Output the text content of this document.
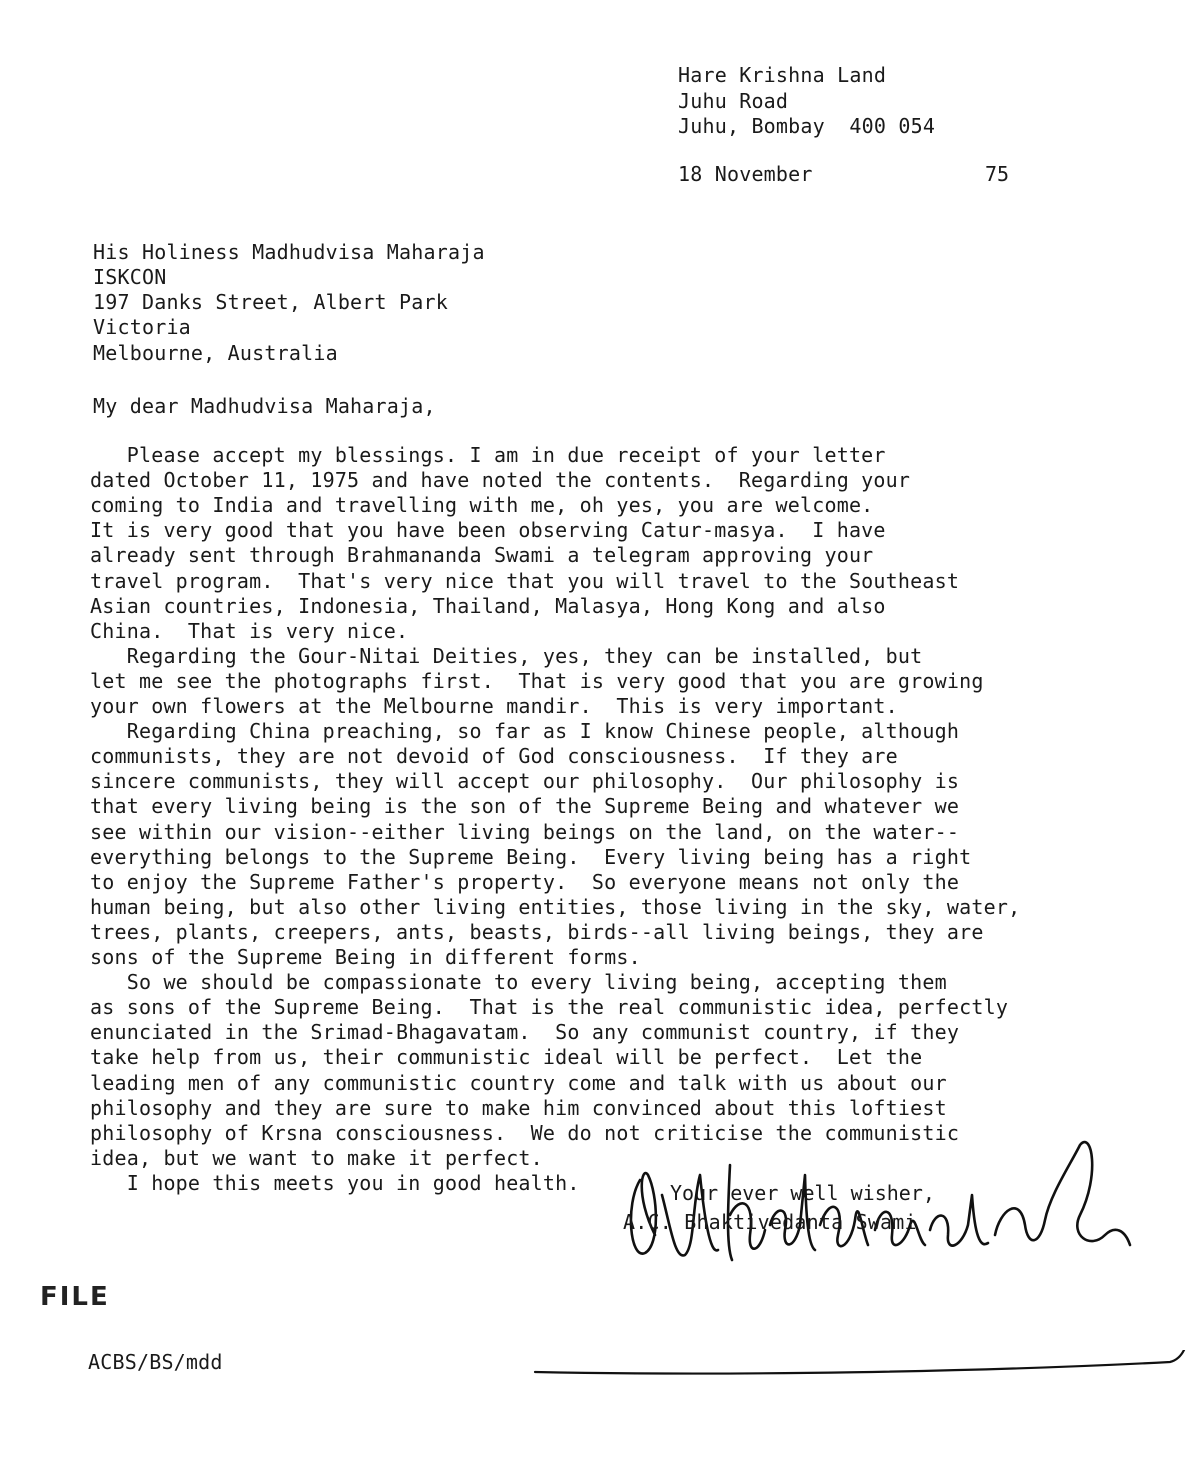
Hare Krishna Land
Juhu Road
Juhu, Bombay  400 054
18 November	75
His Holiness Madhudvisa Maharaja
ISKCON
197 Danks Street, Albert Park
Victoria
Melbourne, Australia
My dear Madhudvisa Maharaja,
Please accept my blessings. I am in due receipt of your letter
dated October 11, 1975 and have noted the contents.  Regarding your
coming to India and travelling with me, oh yes, you are welcome.
It is very good that you have been observing Catur-masya.  I have
already sent through Brahmananda Swami a telegram approving your
travel program.  That's very nice that you will travel to the Southeast
Asian countries, Indonesia, Thailand, Malasya, Hong Kong and also
China.  That is very nice.
Regarding the Gour-Nitai Deities, yes, they can be installed, but
let me see the photographs first.  That is very good that you are growing
your own flowers at the Melbourne mandir.  This is very important.
Regarding China preaching, so far as I know Chinese people, although
communists, they are not devoid of God consciousness.  If they are
sincere communists, they will accept our philosophy.  Our philosophy is
that every living being is the son of the Supreme Being and whatever we
see within our vision--either living beings on the land, on the water--
everything belongs to the Supreme Being.  Every living being has a right
to enjoy the Supreme Father's property.  So everyone means not only the
human being, but also other living entities, those living in the sky, water,
trees, plants, creepers, ants, beasts, birds--all living beings, they are
sons of the Supreme Being in different forms.
So we should be compassionate to every living being, accepting them
as sons of the Supreme Being.  That is the real communistic idea, perfectly
enunciated in the Srimad-Bhagavatam.  So any communist country, if they
take help from us, their communistic ideal will be perfect.  Let the
leading men of any communistic country come and talk with us about our
philosophy and they are sure to make him convinced about this loftiest
philosophy of Krsna consciousness.  We do not criticise the communistic
idea, but we want to make it perfect.
I hope this meets you in good health.	Your ever well wisher,
A.C. Bhaktivedanta Swami
FILE
ACBS/BS/mdd
